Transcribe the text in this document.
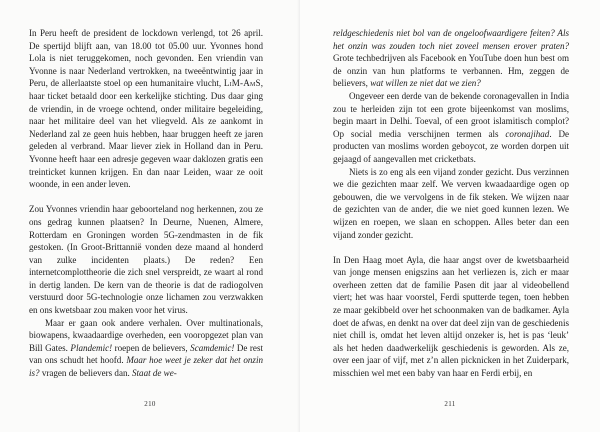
In Peru heeft de president de lockdown verlengd, tot 26 april. De spertijd blijft aan, van 18.00 tot 05.00 uur. Yvonnes hond Lola is niet teruggekomen, noch gevonden. Een vriendin van Yvonne is naar Nederland vertrokken, na tweeëntwintig jaar in Peru, de allerlaatste stoel op een humanitaire vlucht, LiM-AmS, haar ticket betaald door een kerkelijke stichting. Dus daar ging de vriendin, in de vroege ochtend, onder militaire begeleiding, naar het militaire deel van het vliegveld. Als ze aankomt in Nederland zal ze geen huis hebben, haar bruggen heeft ze jaren geleden al verbrand. Maar liever ziek in Holland dan in Peru. Yvonne heeft haar een adresje gegeven waar daklozen gratis een treinticket kunnen krijgen. En dan naar Leiden, waar ze ooit woonde, in een ander leven.

Zou Yvonnes vriendin haar geboorteland nog herkennen, zou ze ons gedrag kunnen plaatsen? In Deurne, Nuenen, Almere, Rotterdam en Groningen worden 5G-zendmasten in de fik gestoken. (In Groot-Brittannië vonden deze maand al honderd van zulke incidenten plaats.) De reden? Een internetcomplottheorie die zich snel verspreidt, ze waart al rond in dertig landen. De kern van de theorie is dat de radiogolven verstuurd door 5G-technologie onze lichamen zou verzwakken en ons kwetsbaar zou maken voor het virus.

Maar er gaan ook andere verhalen. Over multinationals, biowapens, kwaadaardige overheden, een vooropgezet plan van Bill Gates. Plandemic! roepen de believers, Scamdemic! De rest van ons schudt het hoofd. Maar hoe weet je zeker dat het onzin is? vragen de believers dan. Staat de we-

210

reldgeschiedenis niet bol van de ongeloofwaardigere feiten? Als het onzin was zouden toch niet zoveel mensen erover praten? Grote techbedrijven als Facebook en YouTube doen hun best om de onzin van hun platforms te verbannen. Hm, zeggen de believers, wat willen ze niet dat we zien?

Ongeveer een derde van de bekende coronagevallen in India zou te herleiden zijn tot een grote bijeenkomst van moslims, begin maart in Delhi. Toeval, of een groot islamitisch complot? Op social media verschijnen termen als coronajihad. De producten van moslims worden geboycot, ze worden dorpen uit gejaagd of aangevallen met cricketbats.

Niets is zo eng als een vijand zonder gezicht. Dus verzinnen we die gezichten maar zelf. We verven kwaadaardige ogen op gebouwen, die we vervolgens in de fik steken. We wijzen naar de gezichten van de ander, die we niet goed kunnen lezen. We wijzen en roepen, we slaan en schoppen. Alles beter dan een vijand zonder gezicht.

In Den Haag moet Ayla, die haar angst over de kwetsbaarheid van jonge mensen enigszins aan het verliezen is, zich er maar overheen zetten dat de familie Pasen dit jaar al videobellend viert; het was haar voorstel, Ferdi sputterde tegen, toen hebben ze maar gekibbeld over het schoonmaken van de badkamer. Ayla doet de afwas, en denkt na over dat deel zijn van de geschiedenis niet chill is, omdat het leven altijd onzeker is, het is pas ‘leuk’ als het heden daadwerkelijk geschiedenis is geworden. Als ze, over een jaar of vijf, met z’n allen picknicken in het Zuiderpark, misschien wel met een baby van haar en Ferdi erbij, en

211
